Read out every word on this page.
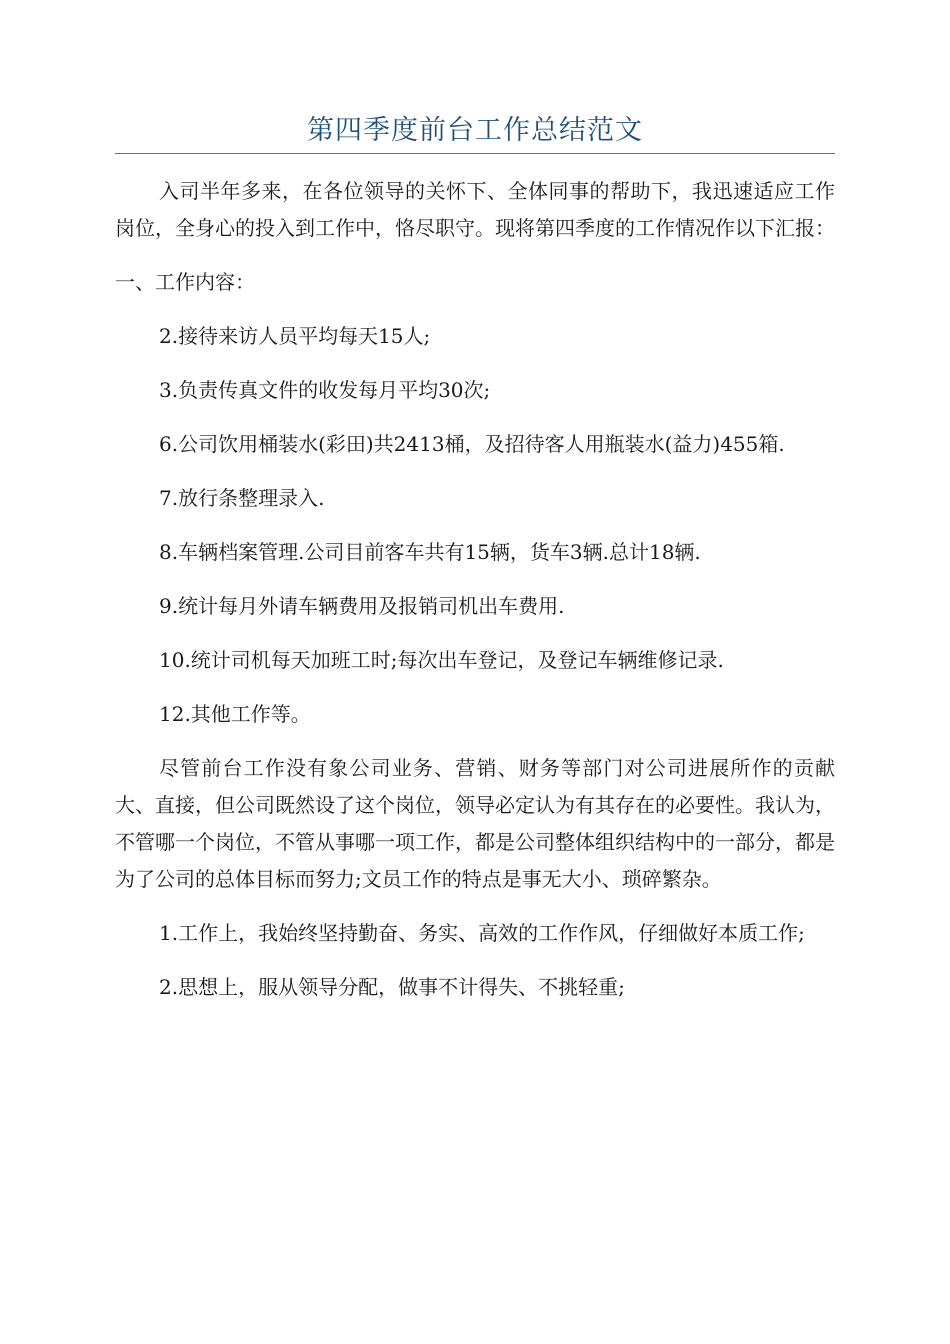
第四季度前台工作总结范文

入司半年多来，在各位领导的关怀下、全体同事的帮助下，我迅速适应工作岗位，全身心的投入到工作中，恪尽职守。现将第四季度的工作情况作以下汇报：

一、工作内容：

2.接待来访人员平均每天15人;

3.负责传真文件的收发每月平均30次;

6.公司饮用桶装水(彩田)共2413桶，及招待客人用瓶装水(益力)455箱.

7.放行条整理录入.

8.车辆档案管理.公司目前客车共有15辆，货车3辆.总计18辆.

9.统计每月外请车辆费用及报销司机出车费用.

10.统计司机每天加班工时;每次出车登记，及登记车辆维修记录.

12.其他工作等。

尽管前台工作没有象公司业务、营销、财务等部门对公司进展所作的贡献大、直接，但公司既然设了这个岗位，领导必定认为有其存在的必要性。我认为，不管哪一个岗位，不管从事哪一项工作，都是公司整体组织结构中的一部分，都是为了公司的总体目标而努力;文员工作的特点是事无大小、琐碎繁杂。

1.工作上，我始终坚持勤奋、务实、高效的工作作风，仔细做好本质工作;

2.思想上，服从领导分配，做事不计得失、不挑轻重;
